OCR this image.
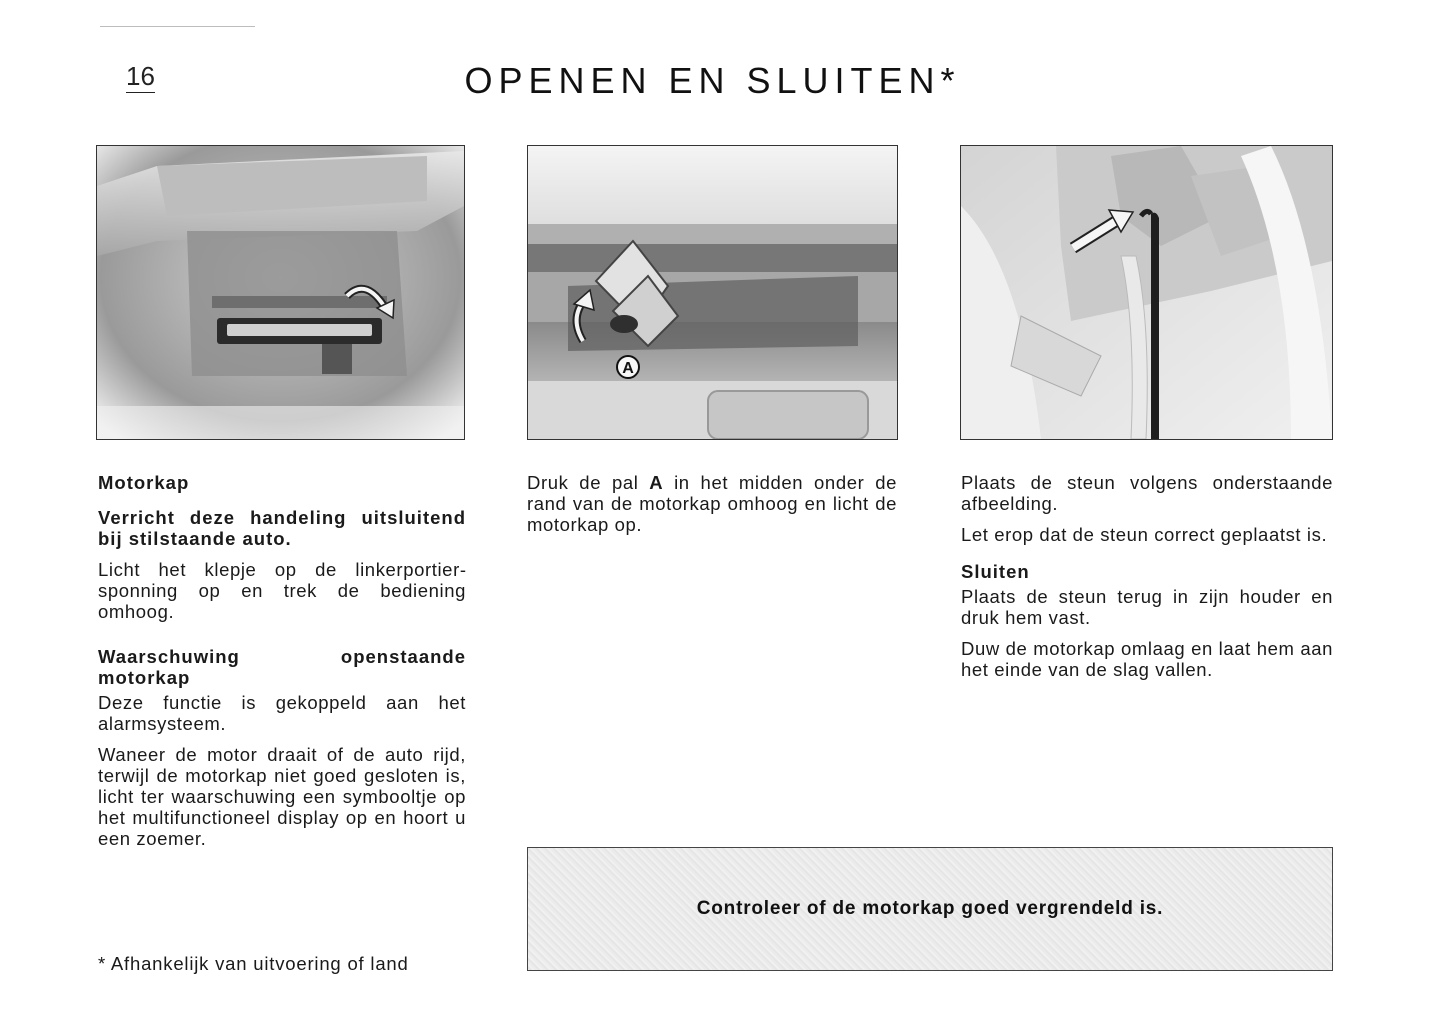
16	OPENEN EN SLUITEN*
A
Motorkap
Verricht deze handeling uitsluitend bij stilstaande auto.

Licht het klepje op de linkerportiersponning op en trek de bediening omhoog.

Waarschuwing openstaande motorkap

Deze functie is gekoppeld aan het alarmsysteem.

Waneer de motor draait of de auto rijd, terwijl de motorkap niet goed gesloten is, licht ter waarschuwing een symbooltje op het multifunctioneel display op en hoort u een zoemer.

Druk de pal A in het midden onder de rand van de motorkap omhoog en licht de motorkap op.

Plaats de steun volgens onderstaande afbeelding.

Let erop dat de steun correct geplaatst is.

Sluiten

Plaats de steun terug in zijn houder en druk hem vast.

Duw de motorkap omlaag en laat hem aan het einde van de slag vallen.

* Afhankelijk van uitvoering of land
Controleer of de motorkap goed vergrendeld is.
